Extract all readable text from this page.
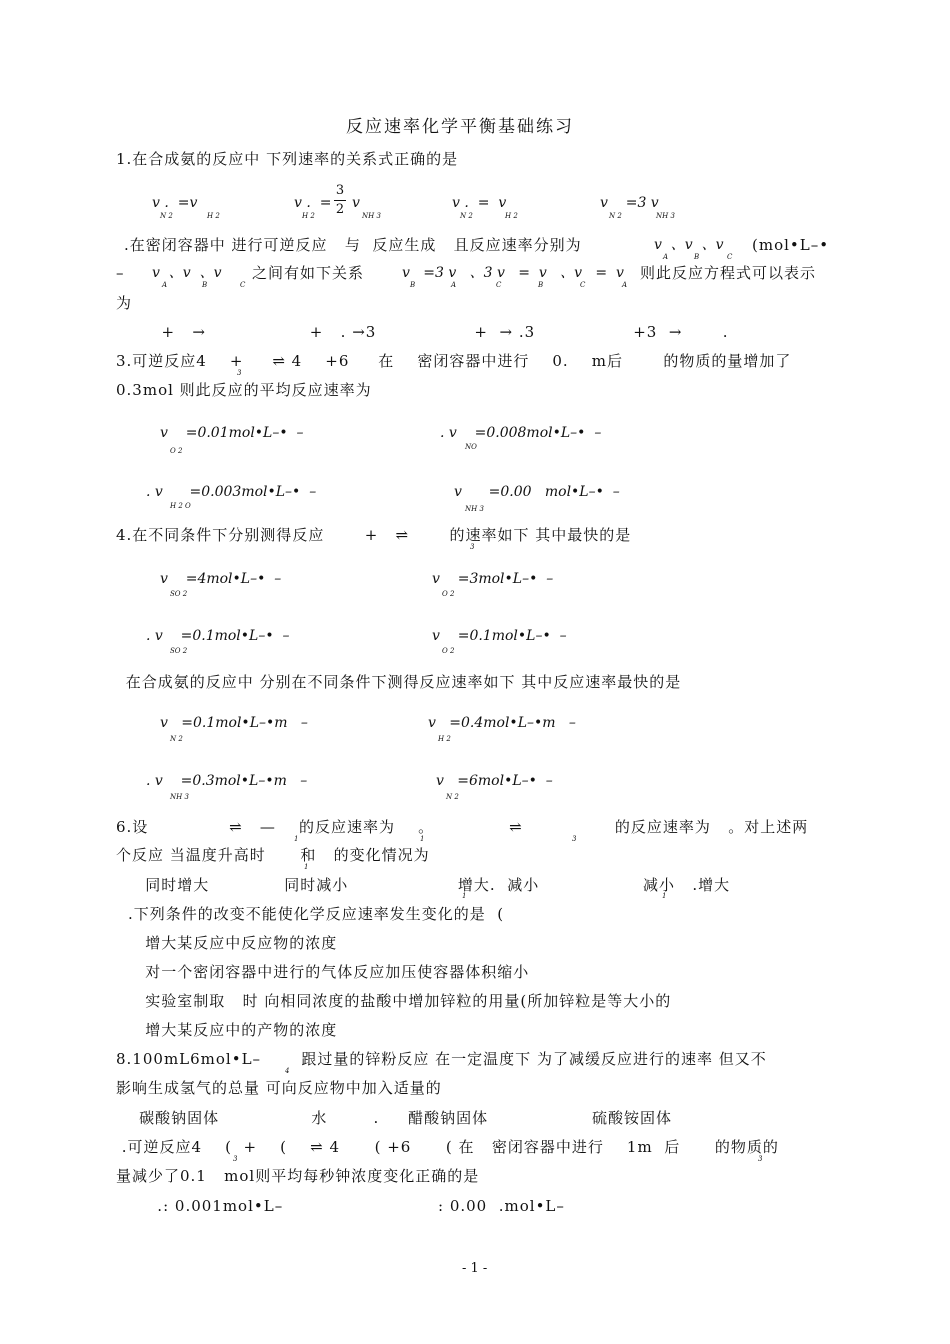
反应速率化学平衡基础练习
1.在合成氨的反应中 下列速率的关系式正确的是
v .  =v
N 2	H 2
v .  =
3
2 v
H 2	NH 3
v .  =  v
N 2	H 2
v    =3 v
N 2	NH 3
.在密闭容器中 进行可逆反应   与  反应生成   且反应速率分别为	v  、v  、v
A	B	C
(mol•L–•
– v  、v  、v
A	B	C
之间有如下关系	v   =3 v   、3 v   =  v   、v   =  v
B	A	C	B	C	A
则此反应方程式可以表示
为
+   →                  +   . →3                 +  → .3                 +3  →       .
3.可逆反应4    +     ⇌ 4    +6     在    密闭容器中进行    0.    m后       的物质的量增加了
3
0.3mol 则此反应的平均反应速率为
v    =0.01mol•L–•  –
O 2
. v    =0.008mol•L–•  –
NO
. v      =0.003mol•L–•  –
H 2 O
v      =0.00   mol•L–•  –
NH 3
4.在不同条件下分别测得反应       +   ⇌       的速率如下 其中最快的是
3
v    =4mol•L–•  –
SO 2
v    =3mol•L–•  –
O 2
. v    =0.1mol•L–•  –
SO 2
v    =0.1mol•L–•  –
O 2
在合成氨的反应中 分别在不同条件下测得反应速率如下 其中反应速率最快的是
v   =0.1mol•L–•m   –
N 2
v   =0.4mol•L–•m   –
H 2
. v    =0.3mol•L–•m   –
NH 3
v   =6mol•L–•  –
N 2
6.设              ⇌   —    的反应速率为    。             ⇌                的反应速率为   。对上述两
1	1	3
个反应 当温度升高时      和   的变化情况为
1
同时增大             同时减小                   增大.  减小                  减小   .增大
1	1
.下列条件的改变不能使化学反应速率发生变化的是  (
增大某反应中反应物的浓度
对一个密闭容器中进行的气体反应加压使容器体积缩小
实验室制取   时 向相同浓度的盐酸中增加锌粒的用量(所加锌粒是等大小的
增大某反应中的产物的浓度
8.100mL6mol•L–       跟过量的锌粉反应 在一定温度下 为了减缓反应进行的速率 但又不
4
影响生成氢气的总量 可向反应物中加入适量的
碳酸钠固体                水        .     醋酸钠固体                  硫酸铵固体
.可逆反应4    (  +    (    ⇌ 4      ( +6      ( 在   密闭容器中进行    1m  后      的物质的
3	3
量减少了0.1   mol则平均每秒钟浓度变化正确的是
.: 0.001mol•L–	: 0.00  .mol•L–
- 1 -
